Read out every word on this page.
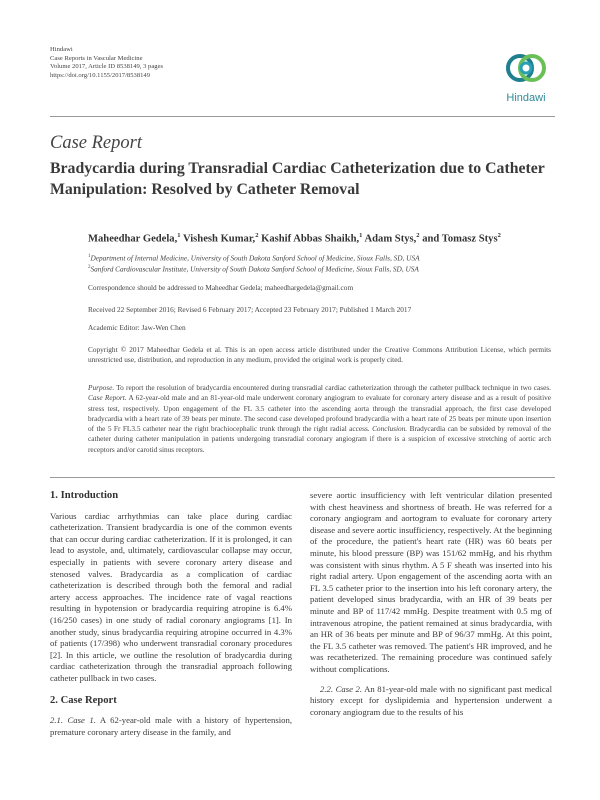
Hindawi
Case Reports in Vascular Medicine
Volume 2017, Article ID 8538149, 3 pages
https://doi.org/10.1155/2017/8538149
Hindawi
Case Report
Bradycardia during Transradial Cardiac Catheterization due to Catheter Manipulation: Resolved by Catheter Removal
Maheedhar Gedela,$^1$ Vishesh Kumar,$^2$ Kashif Abbas Shaikh,$^1$ Adam Stys,$^2$ and Tomasz Stys$^2$
$^1$Department of Internal Medicine, University of South Dakota Sanford School of Medicine, Sioux Falls, SD, USA
$^2$Sanford Cardiovascular Institute, University of South Dakota Sanford School of Medicine, Sioux Falls, SD, USA
Correspondence should be addressed to Maheedhar Gedela; maheedhargedela@gmail.com
Received 22 September 2016; Revised 6 February 2017; Accepted 23 February 2017; Published 1 March 2017
Academic Editor: Jaw-Wen Chen
Copyright © 2017 Maheedhar Gedela et al. This is an open access article distributed under the Creative Commons Attribution License, which permits unrestricted use, distribution, and reproduction in any medium, provided the original work is properly cited.
Purpose. To report the resolution of bradycardia encountered during transradial cardiac catheterization through the catheter pullback technique in two cases. Case Report. A 62-year-old male and an 81-year-old male underwent coronary angiogram to evaluate for coronary artery disease and as a result of positive stress test, respectively. Upon engagement of the FL 3.5 catheter into the ascending aorta through the transradial approach, the first case developed bradycardia with a heart rate of 39 beats per minute. The second case developed profound bradycardia with a heart rate of 25 beats per minute upon insertion of the 5 Fr FL3.5 catheter near the right brachiocephalic trunk through the right radial access. Conclusion. Bradycardia can be subsided by removal of the catheter during catheter manipulation in patients undergoing transradial coronary angiogram if there is a suspicion of excessive stretching of aortic arch receptors and/or carotid sinus receptors.
1. Introduction

Various cardiac arrhythmias can take place during cardiac catheterization. Transient bradycardia is one of the common events that can occur during cardiac catheterization. If it is prolonged, it can lead to asystole, and, ultimately, cardiovascular collapse may occur, especially in patients with severe coronary artery disease and stenosed valves. Bradycardia as a complication of cardiac catheterization is described through both the femoral and radial artery access approaches. The incidence rate of vagal reactions resulting in hypotension or bradycardia requiring atropine is 6.4% (16/250 cases) in one study of radial coronary angiograms [1]. In another study, sinus bradycardia requiring atropine occurred in 4.3% of patients (17/398) who underwent transradial coronary procedures [2]. In this article, we outline the resolution of bradycardia during cardiac catheterization through the transradial approach following catheter pullback in two cases.

2. Case Report

2.1. Case 1. A 62-year-old male with a history of hypertension, premature coronary artery disease in the family, and

severe aortic insufficiency with left ventricular dilation presented with chest heaviness and shortness of breath. He was referred for a coronary angiogram and aortogram to evaluate for coronary artery disease and severe aortic insufficiency, respectively. At the beginning of the procedure, the patient's heart rate (HR) was 60 beats per minute, his blood pressure (BP) was 151/62 mmHg, and his rhythm was consistent with sinus rhythm. A 5 F sheath was inserted into his right radial artery. Upon engagement of the ascending aorta with an FL 3.5 catheter prior to the insertion into his left coronary artery, the patient developed sinus bradycardia, with an HR of 39 beats per minute and BP of 117/42 mmHg. Despite treatment with 0.5 mg of intravenous atropine, the patient remained at sinus bradycardia, with an HR of 36 beats per minute and BP of 96/37 mmHg. At this point, the FL 3.5 catheter was removed. The patient's HR improved, and he was recatheterized. The remaining procedure was continued safely without complications.

2.2. Case 2. An 81-year-old male with no significant past medical history except for dyslipidemia and hypertension underwent a coronary angiogram due to the results of his
